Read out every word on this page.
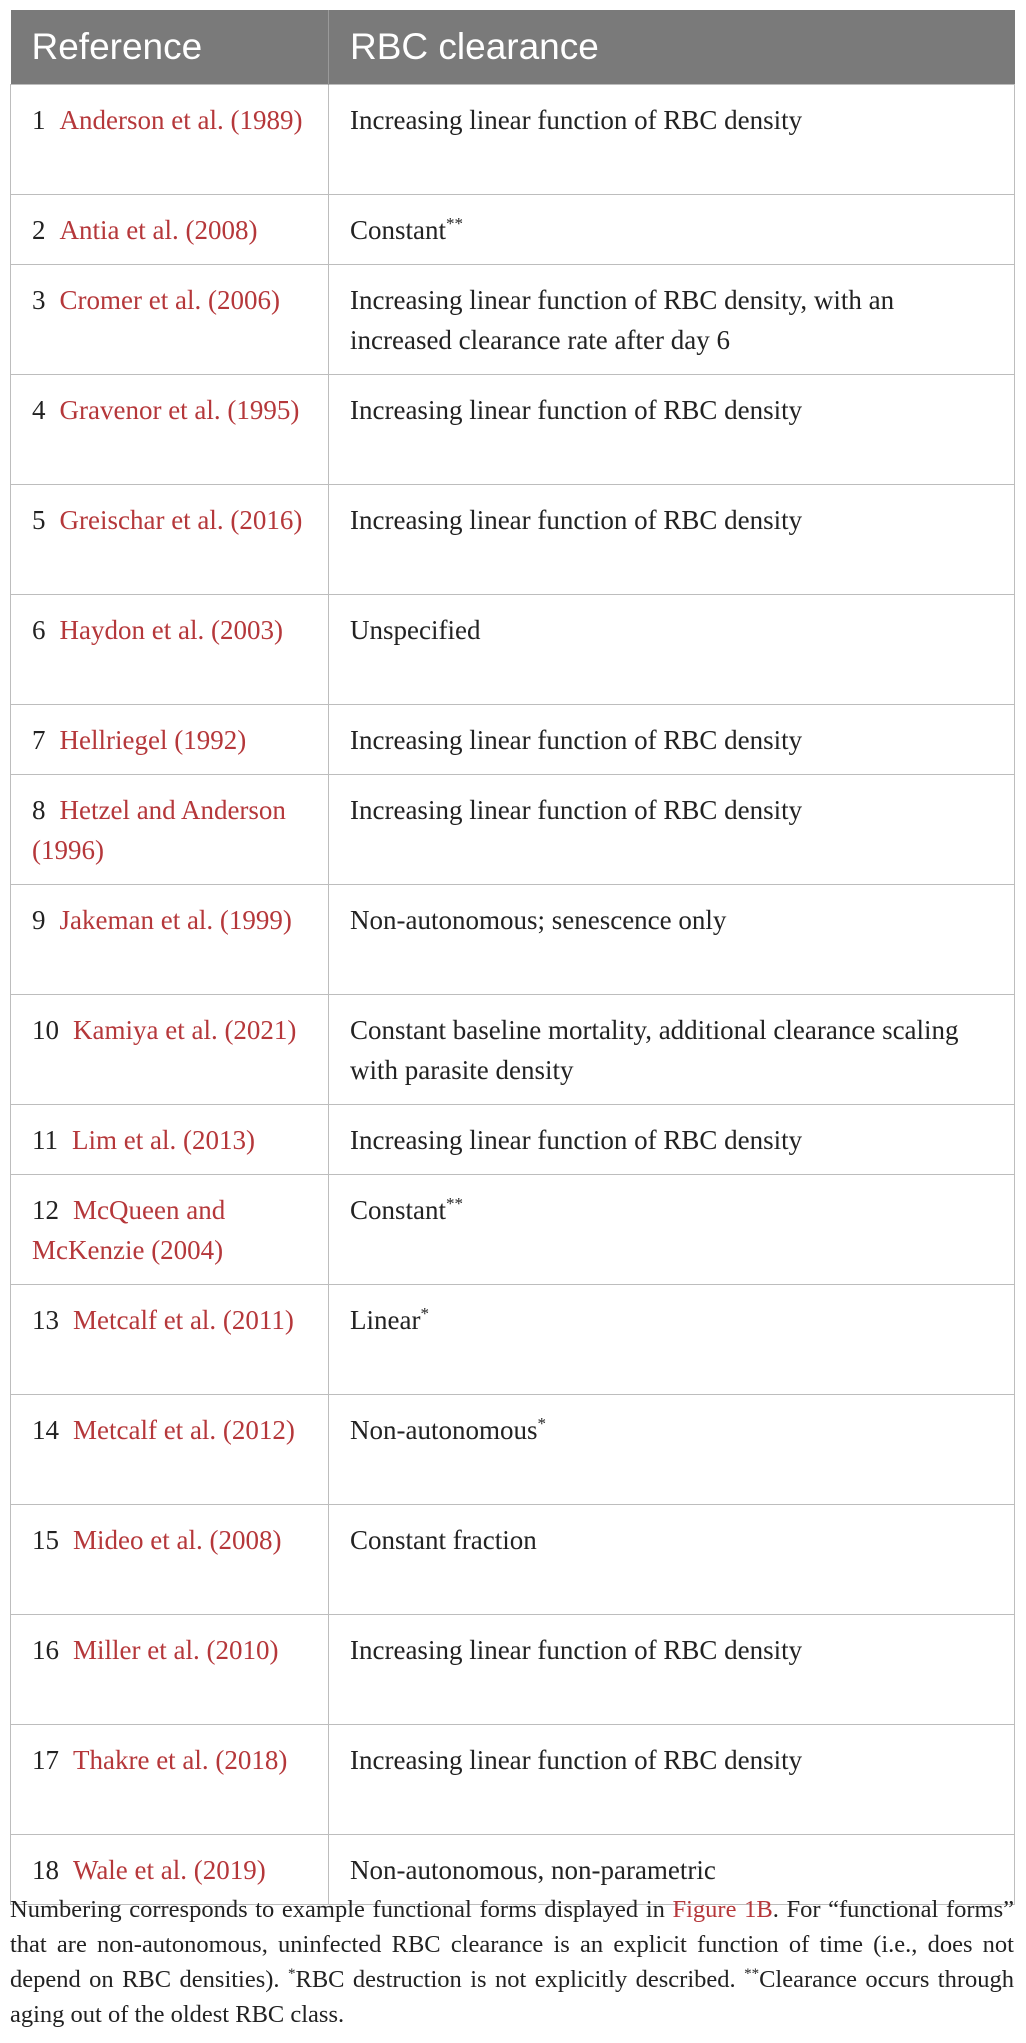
Reference	RBC clearance
1 Anderson et al. (1989)	Increasing linear function of RBC density
2 Antia et al. (2008)	Constant**
3 Cromer et al. (2006)	Increasing linear function of RBC density, with an increased clearance rate after day 6
4 Gravenor et al. (1995)	Increasing linear function of RBC density
5 Greischar et al. (2016)	Increasing linear function of RBC density
6 Haydon et al. (2003)	Unspecified
7 Hellriegel (1992)	Increasing linear function of RBC density
8 Hetzel and Anderson (1996)	Increasing linear function of RBC density
9 Jakeman et al. (1999)	Non-autonomous; senescence only
10 Kamiya et al. (2021)	Constant baseline mortality, additional clearance scaling with parasite density
11 Lim et al. (2013)	Increasing linear function of RBC density
12 McQueen and McKenzie (2004)	Constant**
13 Metcalf et al. (2011)	Linear*
14 Metcalf et al. (2012)	Non-autonomous*
15 Mideo et al. (2008)	Constant fraction
16 Miller et al. (2010)	Increasing linear function of RBC density
17 Thakre et al. (2018)	Increasing linear function of RBC density
18 Wale et al. (2019)	Non-autonomous, non-parametric
Numbering corresponds to example functional forms displayed in Figure 1B. For “functional forms” that are non-autonomous, uninfected RBC clearance is an explicit function of time (i.e., does not depend on RBC densities). *RBC destruction is not explicitly described. **Clearance occurs through aging out of the oldest RBC class.
